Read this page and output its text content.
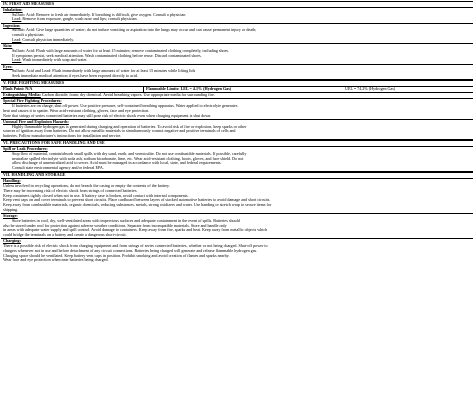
IV. FIRST AID MEASURES

Inhalation:

Sulfuric Acid: Remove to fresh air immediately. If breathing is difficult, give oxygen. Consult a physician

Lead: Remove from exposure, gargle, wash nose and lips; consult physician.

Ingestion:

Sulfuric Acid: Give large quantities of water; do not induce vomiting or aspiration into the lungs may occur and can cause permanent injury or death;

consult a physician.

Lead: Consult physician immediately.

Skin:

Sulfuric Acid: Flush with large amounts of water for at least 15 minutes; remove contaminated clothing completely, including shoes.

If symptoms persist, seek medical attention. Wash contaminated clothing before reuse. Discard contaminated shoes.

Lead: Wash immediately with soap and water.

Eyes:

Sulfuric Acid and Lead: Flush immediately with large amounts of water for at least 15 minutes while lifting lids

Seek immediate medical attention if eyes have been exposed directly to acid.

V. FIRE FIGHTING MEASURES
Flash Point: N/A	Flammable Limits: LEL = 4.1% (Hydrogen Gas)	UEL = 74.2% (Hydrogen Gas)

Extinguishing Media: Carbon dioxide; foam; dry chemical. Avoid breathing vapors. Use appropriate media for surrounding fire.

Special Fire Fighting Procedures:

If batteries are on charge, shut off power. Use positive pressure, self-contained breathing apparatus. Water applied to electrolyte generates

heat and causes it to spatter. Wear acid-resistant clothing, gloves, face and eye protection.

Note that strings of series connected batteries may still pose risk of electric shock even when charging equipment is shut down.

Unusual Fire and Explosion Hazards:

Highly flammable hydrogen gas is generated during charging and operation of batteries. To avoid risk of fire or explosion, keep sparks or other

sources of ignition away from batteries. Do not allow metallic materials to simultaneously contact negative and positive terminals of cells and

batteries. Follow manufacturer's instructions for installation and service.

VI. PRECAUTIONS FOR SAFE HANDLING AND USE

Spill or Leak Procedures:

Stop flow of material, contain/absorb small spills with dry sand, earth, and vermiculite. Do not use combustible materials. If possible, carefully

neutralize spilled electrolyte with soda ash, sodium bicarbonate, lime, etc. Wear acid-resistant clothing, boots, gloves, and face shield. Do not

allow discharge of unneutralized acid to sewer. Acid must be managed in accordance with local, state, and federal requirements.

Consult state environmental agency and/or federal EPA.

VII. HANDLING AND STORAGE

Handling:

Unless involved in recycling operations, do not breach the casing or empty the contents of the battery.

There may be increasing risk of electric shock from strings of connected batteries.

Keep containers tightly closed when not in use. If battery case is broken, avoid contact with internal components.

Keep vent caps on and cover terminals to prevent short circuits. Place cardboard between layers of stacked automotive batteries to avoid damage and short circuits.

Keep away from combustible materials, organic chemicals, reducing substances, metals, strong oxidizers and water. Use banding or stretch wrap to secure items for

shipping.

Storage:

Store batteries in cool, dry, well-ventilated areas with impervious surfaces and adequate containment in the event of spills. Batteries should

also be stored under roof for protection against adverse weather conditions. Separate from incompatible materials. Store and handle only

in areas with adequate water supply and spill control. Avoid damage to containers. Keep away from fire, sparks and heat. Keep away from metallic objects which

could bridge the terminals on a battery and create a dangerous short-circuit.

Charging:

There is a possible risk of electric shock from charging equipment and from strings of series connected batteries, whether or not being charged. Shut-off power to

chargers whenever not in use and before detachment of any circuit connections. Batteries being charged will generate and release flammable hydrogen gas.

Charging space should be ventilated. Keep battery vent caps in position. Prohibit smoking and avoid creation of flames and sparks nearby.

Wear face and eye protection when near batteries being charged.
